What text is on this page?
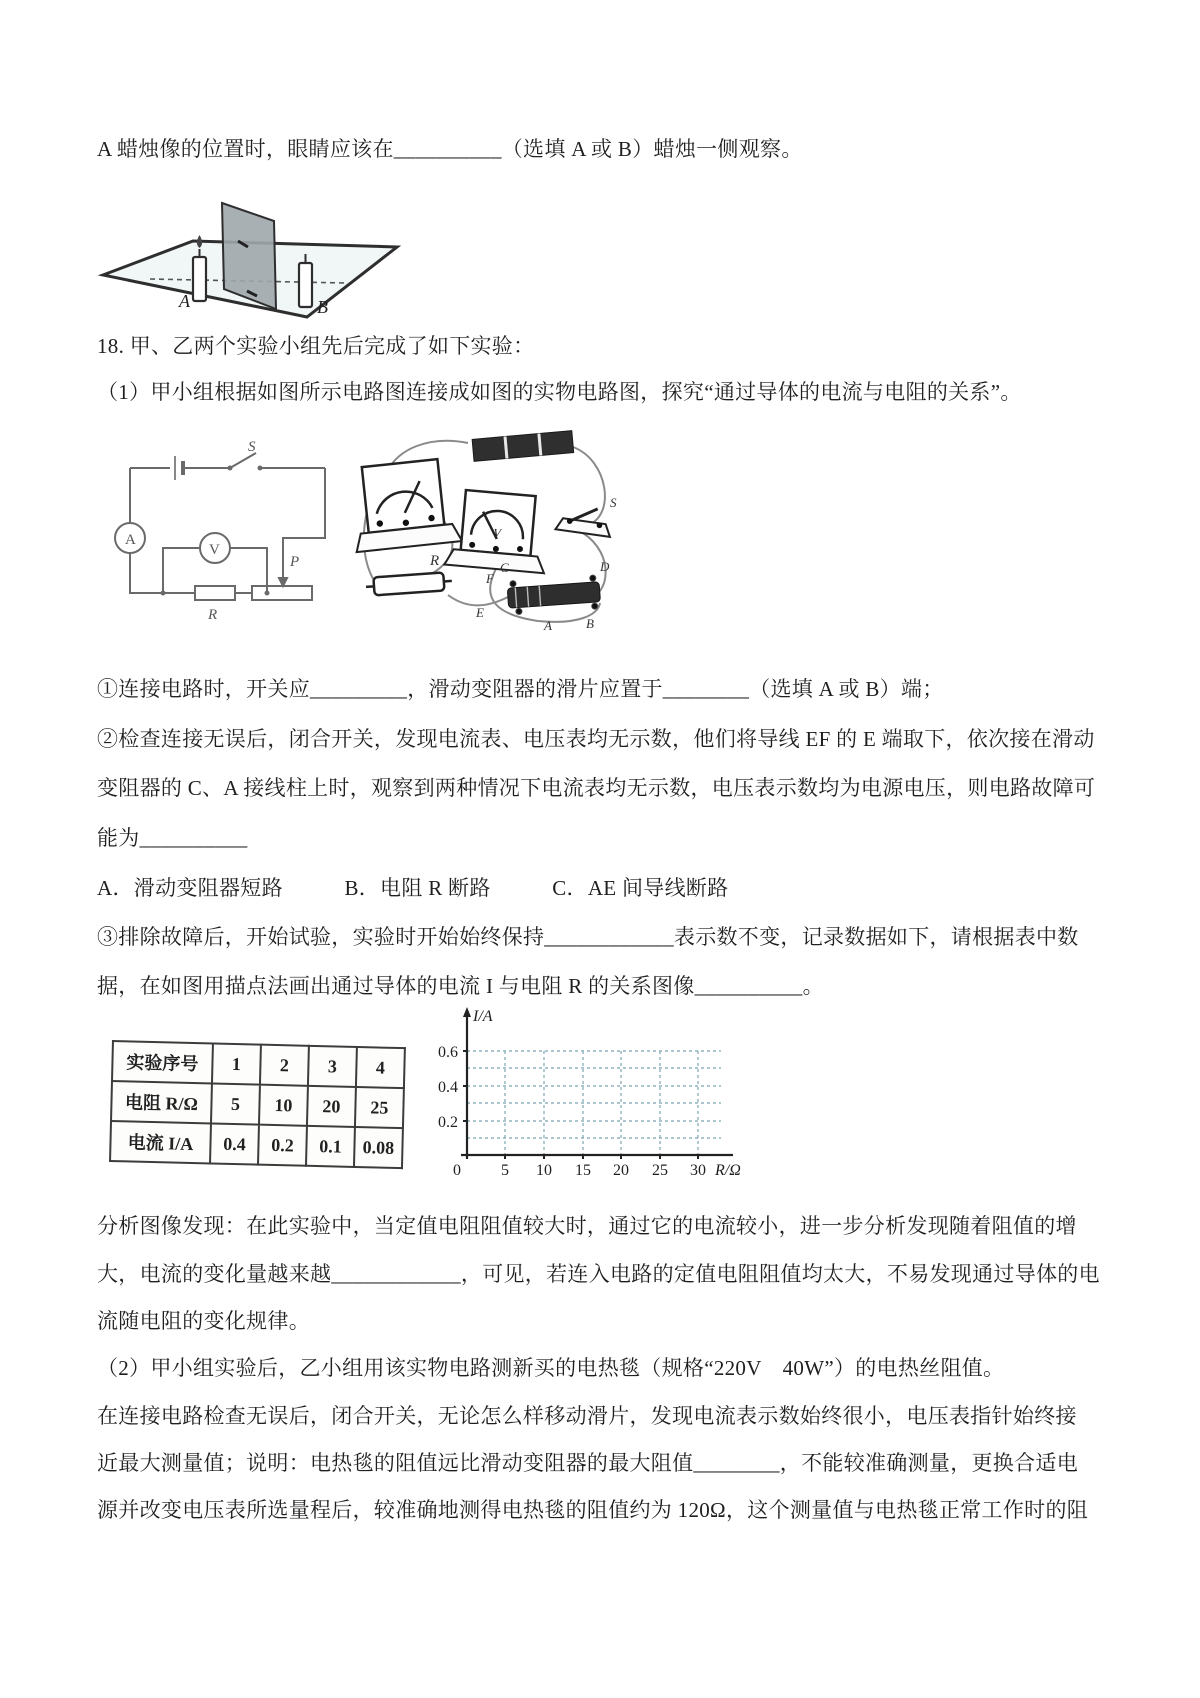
A 蜡烛像的位置时，眼睛应该在__________（选填 A 或 B）蜡烛一侧观察。
A	B
18. 甲、乙两个实验小组先后完成了如下实验：
（1）甲小组根据如图所示电路图连接成如图的实物电路图，探究“通过导体的电流与电阻的关系”。
S
A
V
R
P
V
S
R
E
F
C	D
A	B
①连接电路时，开关应_________，滑动变阻器的滑片应置于________（选填 A 或 B）端；
②检查连接无误后，闭合开关，发现电流表、电压表均无示数，他们将导线 EF 的 E 端取下，依次接在滑动
变阻器的 C、A 接线柱上时，观察到两种情况下电流表均无示数，电压表示数均为电源电压，则电路故障可
能为__________
A．滑动变阻器短路	B．电阻 R 断路	C．AE 间导线断路
③排除故障后，开始试验，实验时开始始终保持____________表示数不变，记录数据如下，请根据表中数
据，在如图用描点法画出通过导体的电流 I 与电阻 R 的关系图像__________。
实验序号	1	2	3	4
电阻 R/Ω	5	10	20	25
电流 I/A	0.4	0.2	0.1	0.08
I/A
0.6
0.4
0.2
0	5 10 15 20 25 30 R/Ω
分析图像发现：在此实验中，当定值电阻阻值较大时，通过它的电流较小，进一步分析发现随着阻值的增
大，电流的变化量越来越____________，可见，若连入电路的定值电阻阻值均太大，不易发现通过导体的电
流随电阻的变化规律。
（2）甲小组实验后，乙小组用该实物电路测新买的电热毯（规格“220V　40W”）的电热丝阻值。
在连接电路检查无误后，闭合开关，无论怎么样移动滑片，发现电流表示数始终很小，电压表指针始终接
近最大测量值；说明：电热毯的阻值远比滑动变阻器的最大阻值________，不能较准确测量，更换合适电
源并改变电压表所选量程后，较准确地测得电热毯的阻值约为 120Ω，这个测量值与电热毯正常工作时的阻
